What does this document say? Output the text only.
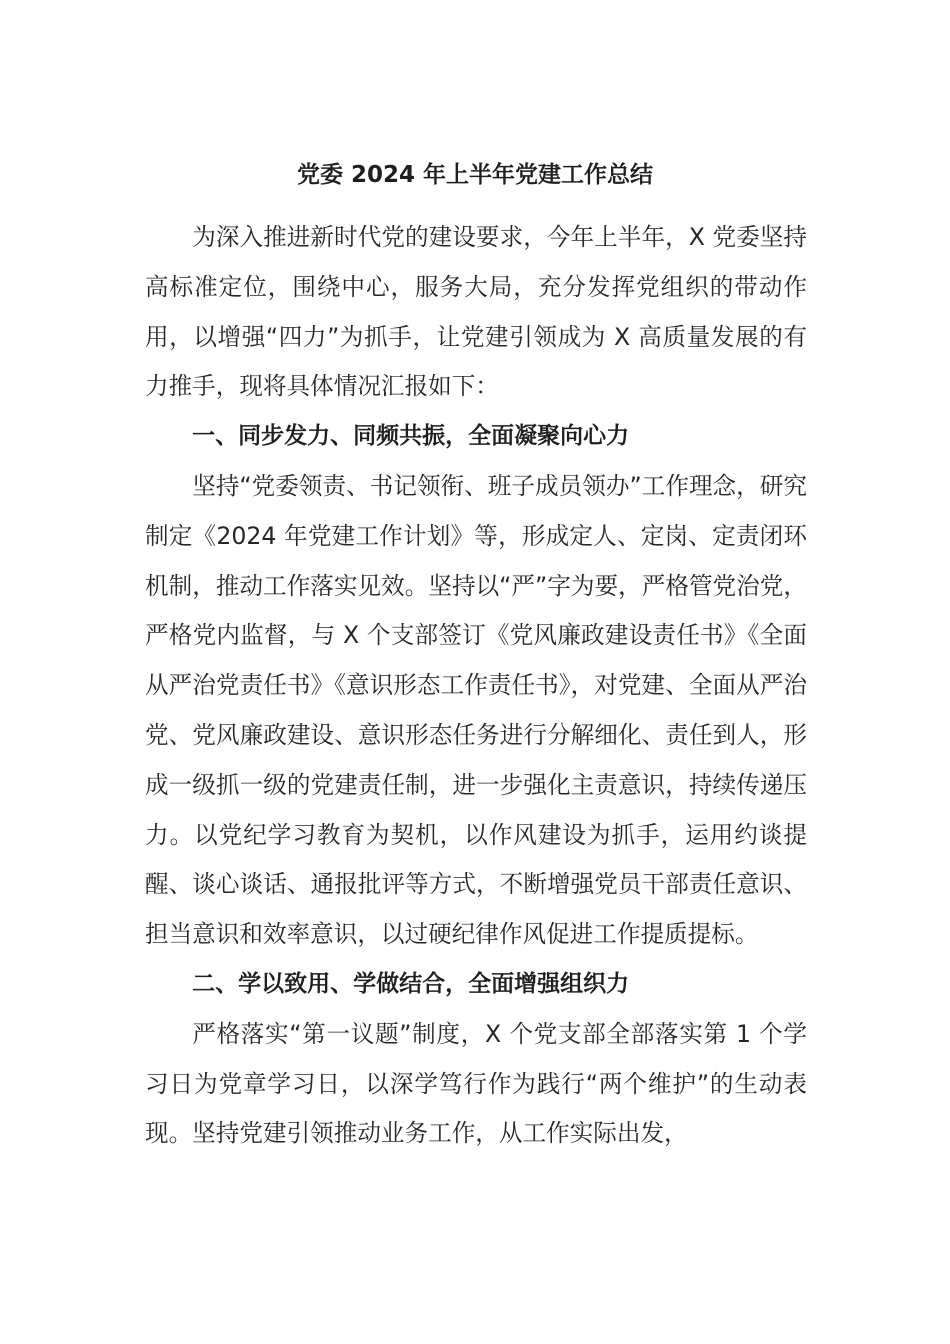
党委 2024 年上半年党建工作总结

为深入推进新时代党的建设要求，今年上半年，X 党委坚持高标准定位，围绕中心，服务大局，充分发挥党组织的带动作用，以增强“四力”为抓手，让党建引领成为 X 高质量发展的有力推手，现将具体情况汇报如下：

一、同步发力、同频共振，全面凝聚向心力

坚持“党委领责、书记领衔、班子成员领办”工作理念，研究制定《2024 年党建工作计划》等，形成定人、定岗、定责闭环机制，推动工作落实见效。坚持以“严”字为要，严格管党治党，严格党内监督，与 X 个支部签订《党风廉政建设责任书》《全面从严治党责任书》《意识形态工作责任书》，对党建、全面从严治党、党风廉政建设、意识形态任务进行分解细化、责任到人，形成一级抓一级的党建责任制，进一步强化主责意识，持续传递压力。以党纪学习教育为契机，以作风建设为抓手，运用约谈提醒、谈心谈话、通报批评等方式，不断增强党员干部责任意识、担当意识和效率意识，以过硬纪律作风促进工作提质提标。

二、学以致用、学做结合，全面增强组织力

严格落实“第一议题”制度，X 个党支部全部落实第 1 个学习日为党章学习日，以深学笃行作为践行“两个维护”的生动表现。坚持党建引领推动业务工作，从工作实际出发，
